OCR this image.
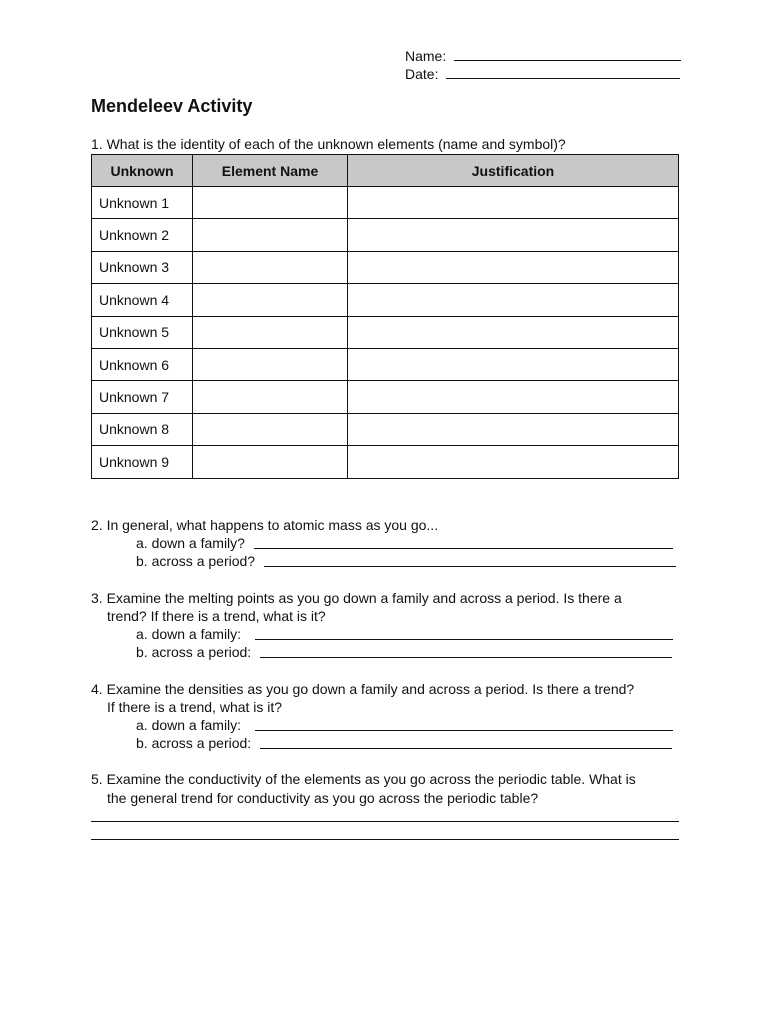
Name:
Date:
Mendeleev Activity
1. What is the identity of each of the unknown elements (name and symbol)?
Unknown	Element Name	Justification
Unknown 1		
Unknown 2		
Unknown 3		
Unknown 4		
Unknown 5		
Unknown 6		
Unknown 7		
Unknown 8		
Unknown 9		
2. In general, what happens to atomic mass as you go...
a. down a family?
b. across a period?
3. Examine the melting points as you go down a family and across a period. Is there a
trend? If there is a trend, what is it?
a. down a family:
b. across a period:
4. Examine the densities as you go down a family and across a period. Is there a trend?
If there is a trend, what is it?
a. down a family:
b. across a period:
5. Examine the conductivity of the elements as you go across the periodic table. What is
the general trend for conductivity as you go across the periodic table?
